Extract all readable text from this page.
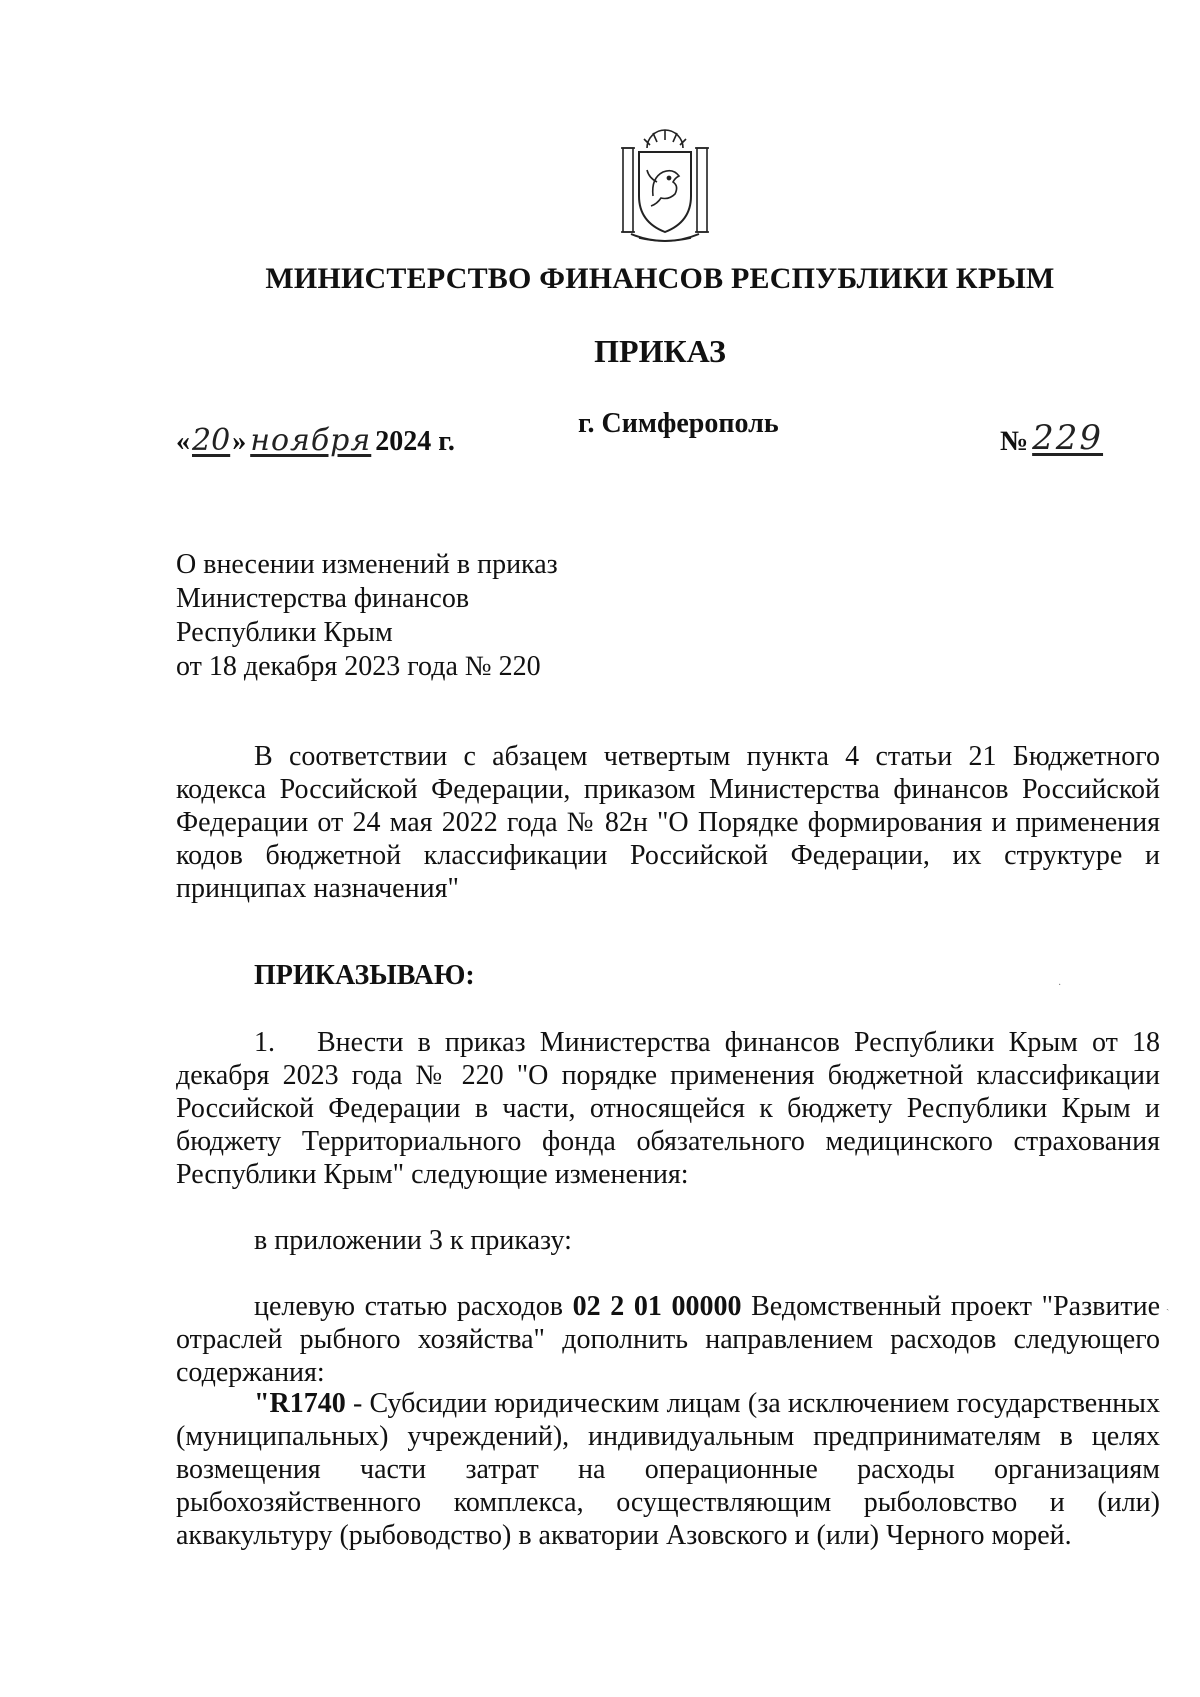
МИНИСТЕРСТВО ФИНАНСОВ РЕСПУБЛИКИ КРЫМ
ПРИКАЗ
« 20 » ноября 2024 г.
г. Симферополь
№ 229
О внесении изменений в приказ
Министерства финансов
Республики Крым
от 18 декабря 2023 года № 220
В соответствии с абзацем четвертым пункта 4 статьи 21 Бюджетного кодекса Российской Федерации, приказом Министерства финансов Российской Федерации от 24 мая 2022 года № 82н "О Порядке формирования и применения кодов бюджетной классификации Российской Федерации, их структуре и принципах назначения"
ПРИКАЗЫВАЮ:	·
1. Внести в приказ Министерства финансов Республики Крым от 18 декабря 2023 года № 220 "О порядке применения бюджетной классификации Российской Федерации в части, относящейся к бюджету Республики Крым и бюджету Территориального фонда обязательного медицинского страхования Республики Крым" следующие изменения:
в приложении 3 к приказу:
целевую статью расходов 02 2 01 00000 Ведомственный проект "Развитие отраслей рыбного хозяйства" дополнить направлением расходов следующего содержания:
ˎ
"R1740 - Субсидии юридическим лицам (за исключением государственных (муниципальных) учреждений), индивидуальным предпринимателям в целях возмещения части затрат на операционные расходы организациям рыбохозяйственного комплекса, осуществляющим рыболовство и (или) аквакультуру (рыбоводство) в акватории Азовского и (или) Черного морей.
